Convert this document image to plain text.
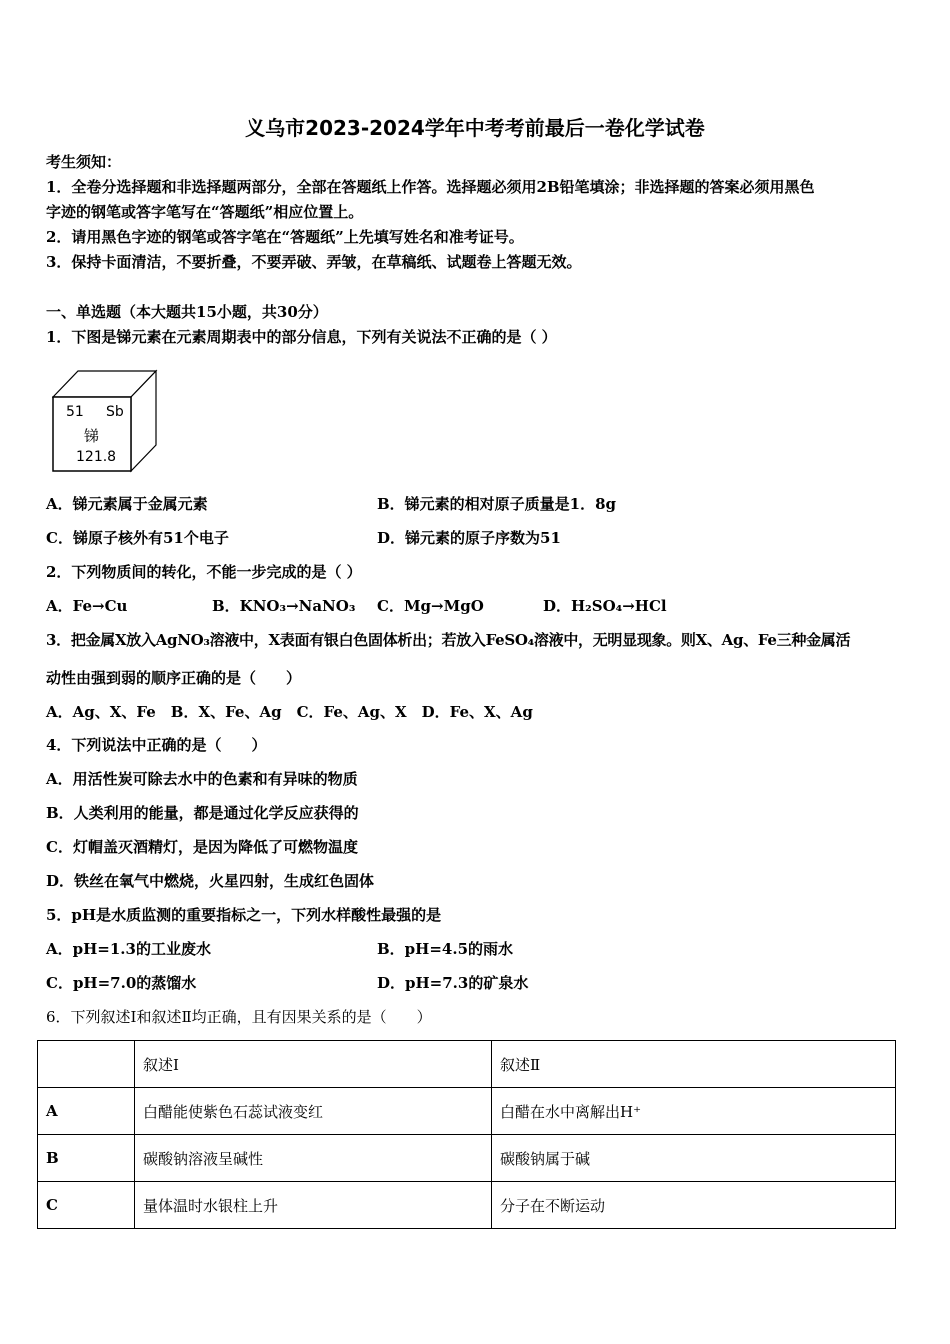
义乌市2023-2024学年中考考前最后一卷化学试卷
考生须知：
1．全卷分选择题和非选择题两部分，全部在答题纸上作答。选择题必须用2B铅笔填涂；非选择题的答案必须用黑色
字迹的钢笔或答字笔写在“答题纸”相应位置上。
2．请用黑色字迹的钢笔或答字笔在“答题纸”上先填写姓名和准考证号。
3．保持卡面清洁，不要折叠，不要弄破、弄皱，在草稿纸、试题卷上答题无效。
一、单选题（本大题共15小题，共30分）
1．下图是锑元素在元素周期表中的部分信息，下列有关说法不正确的是（ ）
51 Sb
锑
121.8
A．锑元素属于金属元素	B．锑元素的相对原子质量是1．8g
C．锑原子核外有51个电子	D．锑元素的原子序数为51
2．下列物质间的转化，不能一步完成的是（ ）
A．Fe→Cu	B．KNO₃→NaNO₃ C．Mg→MgO	D．H₂SO₄→HCl
3．把金属X放入AgNO₃溶液中，X表面有银白色固体析出；若放入FeSO₄溶液中，无明显现象。则X、Ag、Fe三种金属活
动性由强到弱的顺序正确的是（　　）
A．Ag、X、Fe　B．X、Fe、Ag　C．Fe、Ag、X　D．Fe、X、Ag
4．下列说法中正确的是（　　）
A．用活性炭可除去水中的色素和有异味的物质
B．人类利用的能量，都是通过化学反应获得的
C．灯帽盖灭酒精灯，是因为降低了可燃物温度
D．铁丝在氧气中燃烧，火星四射，生成红色固体
5．pH是水质监测的重要指标之一，下列水样酸性最强的是
A．pH=1.3的工业废水	B．pH=4.5的雨水
C．pH=7.0的蒸馏水	D．pH=7.3的矿泉水
6．下列叙述Ⅰ和叙述Ⅱ均正确，且有因果关系的是（　　）
	叙述Ⅰ	叙述Ⅱ
A	白醋能使紫色石蕊试液变红	白醋在水中离解出H⁺
B	碳酸钠溶液呈碱性	碳酸钠属于碱
C	量体温时水银柱上升	分子在不断运动
